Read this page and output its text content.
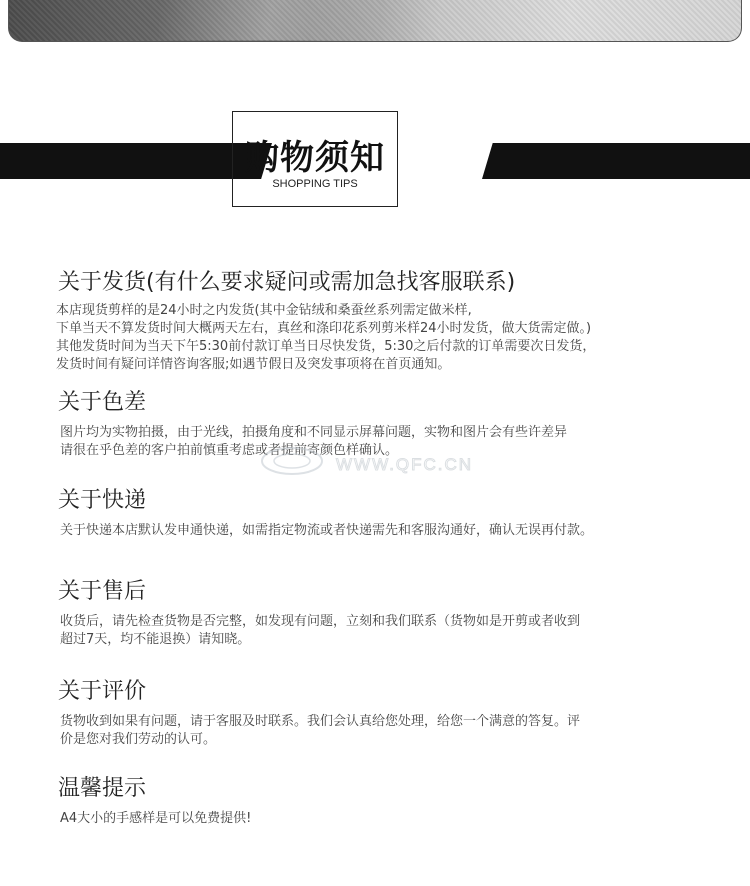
购物须知
SHOPPING TIPS
关于发货(有什么要求疑问或需加急找客服联系)

本店现货剪样的是24小时之内发货(其中金钻绒和桑蚕丝系列需定做米样,

下单当天不算发货时间大概两天左右，真丝和涤印花系列剪米样24小时发货，做大货需定做。)

其他发货时间为当天下午5:30前付款订单当日尽快发货，5:30之后付款的订单需要次日发货，

发货时间有疑问详情咨询客服;如遇节假日及突发事项将在首页通知。

关于色差

图片均为实物拍摄，由于光线，拍摄角度和不同显示屏幕问题，实物和图片会有些许差异

请很在乎色差的客户拍前慎重考虑或者提前寄颜色样确认。

WWW.QFC.CN
关于快递

关于快递本店默认发申通快递，如需指定物流或者快递需先和客服沟通好，确认无误再付款。

关于售后

收货后，请先检查货物是否完整，如发现有问题，立刻和我们联系（货物如是开剪或者收到

超过7天，均不能退换）请知晓。

关于评价

货物收到如果有问题，请于客服及时联系。我们会认真给您处理，给您一个满意的答复。评

价是您对我们劳动的认可。

温馨提示

A4大小的手感样是可以免费提供!
